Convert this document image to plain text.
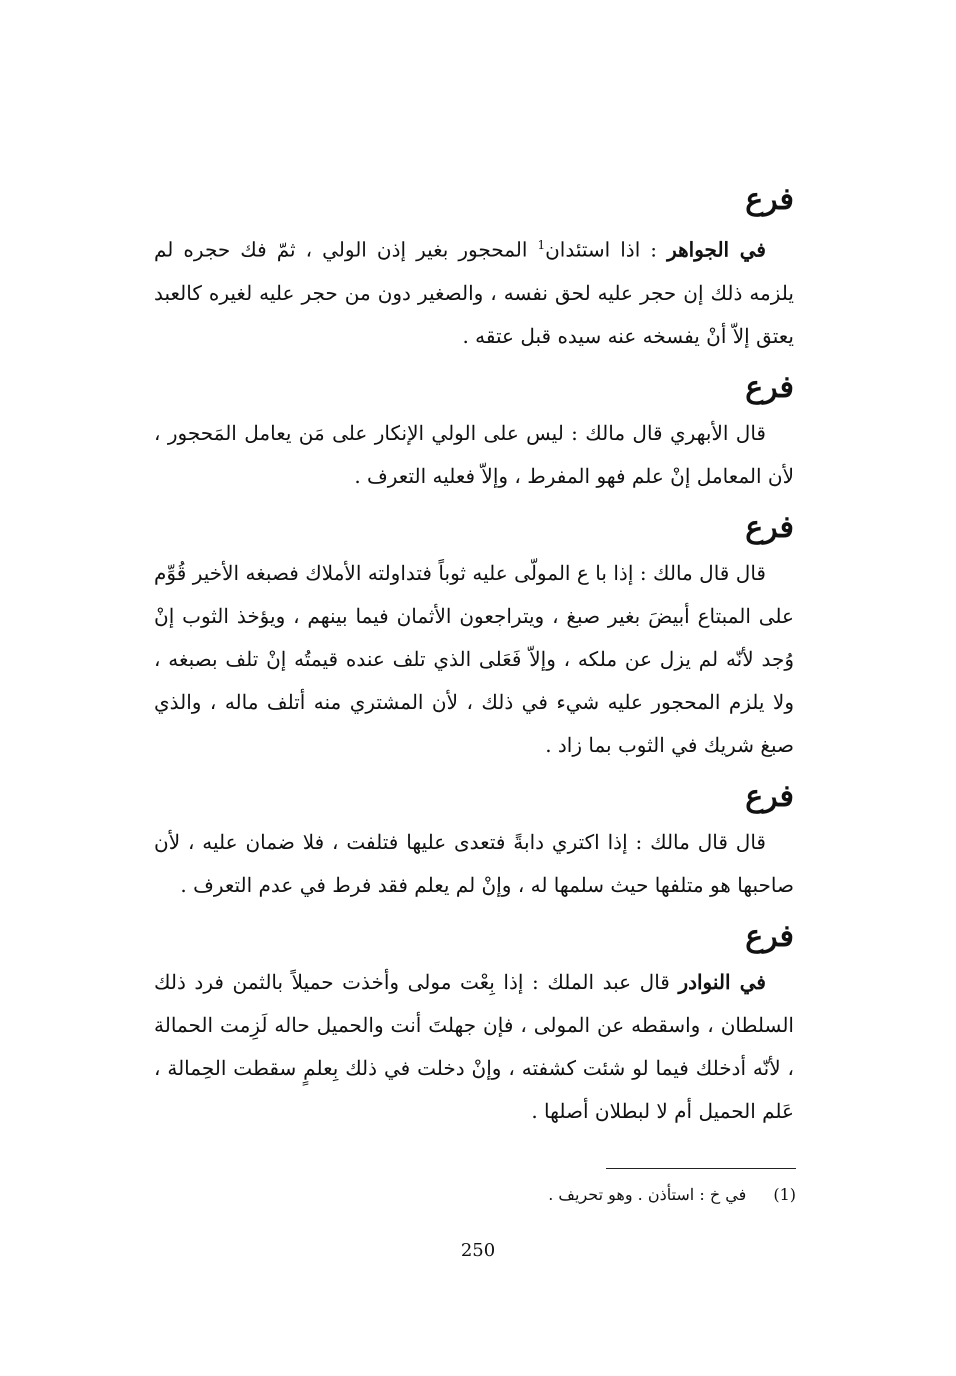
فرع

في الجواهر : اذا استئدان$^1$ المحجور بغير إذن الولي ، ثمّ فك حجره لم يلزمه ذلك إن حجر عليه لحق نفسه ، والصغير دون من حجر عليه لغيره كالعبد يعتق إلاّ أنْ يفسخه عنه سيده قبل عتقه .

فرع

قال الأبهري قال مالك : ليس على الولي الإنكار على مَن يعامل المَحجور ، لأن المعامل إنْ علم فهو المفرط ، وإلاّ فعليه التعرف .

فرع

قال قال مالك : إذا با ع المولّى عليه ثوباً فتداولته الأملاك فصبغه الأخير قُوِّم على المبتاع أبيضَ بغير صبغ ، ويتراجعون الأثمان فيما بينهم ، ويؤخذ الثوب إنْ وُجد لأنّه لم يزل عن ملكه ، وإلاّ فَعَلى الذي تلف عنده قيمتُه إنْ تلف بصبغه ، ولا يلزم المحجور عليه شيء في ذلك ، لأن المشتري منه أتلف ماله ، والذي صبغ شريك في الثوب بما زاد .

فرع

قال قال مالك : إذا اكتري دابةً فتعدى عليها فتلفت ، فلا ضمان عليه ، لأن صاحبها هو متلفها حيث سلمها له ، وإنْ لم يعلم فقد فرط في عدم التعرف .

فرع

في النوادر قال عبد الملك : إذا بِعْت مولى وأخذت حميلاً بالثمن فرد ذلك السلطان ، واسقطه عن المولى ، فإن جهلتَ أنت والحميل حاله لَزِمت الحمالة ، لأنّه أدخلك فيما لو شئت كشفته ، وإنْ دخلت في ذلك بِعلمٍ سقطت الحِمالة ، عَلم الحميل أم لا لبطلان أصلها .

(1) في خ : استأذن . وهو تحريف .
250
